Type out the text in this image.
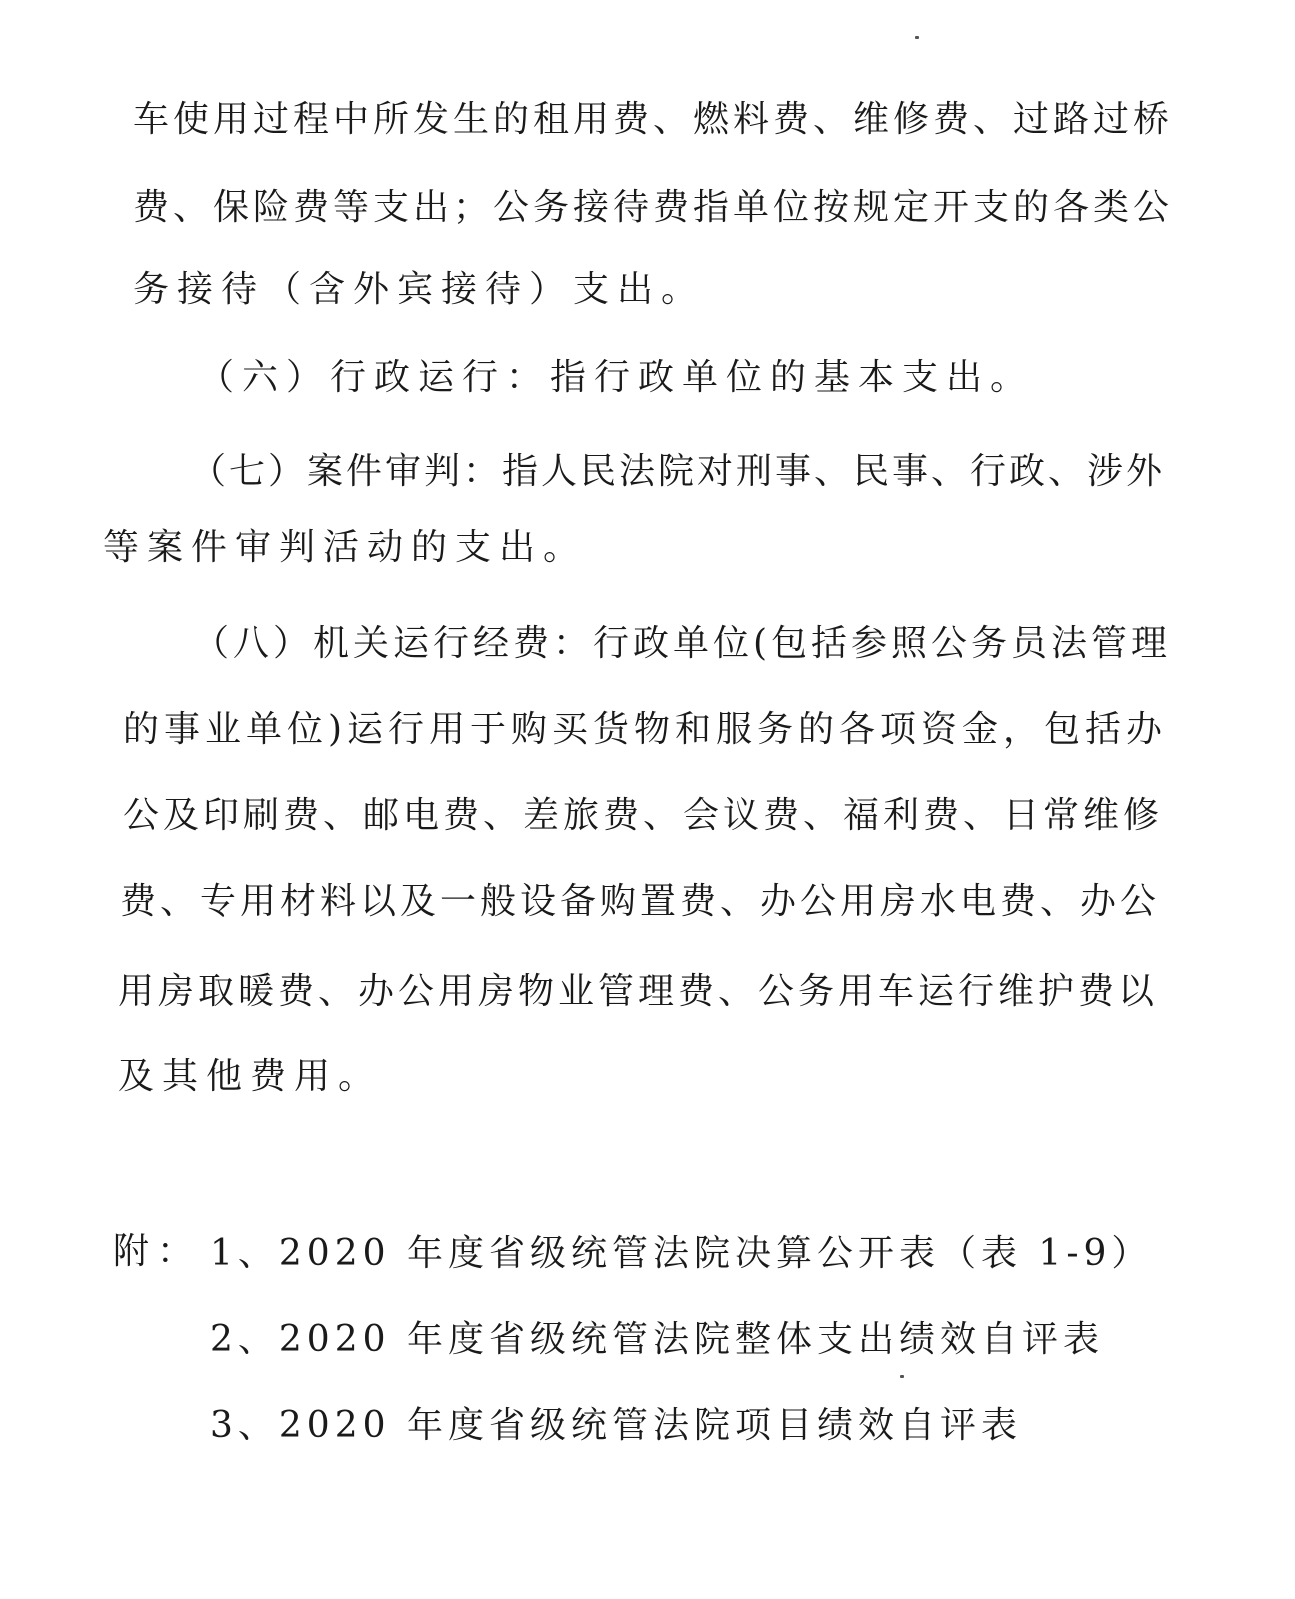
车使用过程中所发生的租用费、燃料费、维修费、过路过桥
费、保险费等支出；公务接待费指单位按规定开支的各类公
务接待（含外宾接待）支出。
（六）行政运行：指行政单位的基本支出。
（七）案件审判：指人民法院对刑事、民事、行政、涉外
等案件审判活动的支出。
（八）机关运行经费：行政单位(包括参照公务员法管理
的事业单位)运行用于购买货物和服务的各项资金，包括办
公及印刷费、邮电费、差旅费、会议费、福利费、日常维修
费、专用材料以及一般设备购置费、办公用房水电费、办公
用房取暖费、办公用房物业管理费、公务用车运行维护费以
及其他费用。
附： 1、2020 年度省级统管法院决算公开表（表 1-9）
2、2020 年度省级统管法院整体支出绩效自评表
3、2020 年度省级统管法院项目绩效自评表
